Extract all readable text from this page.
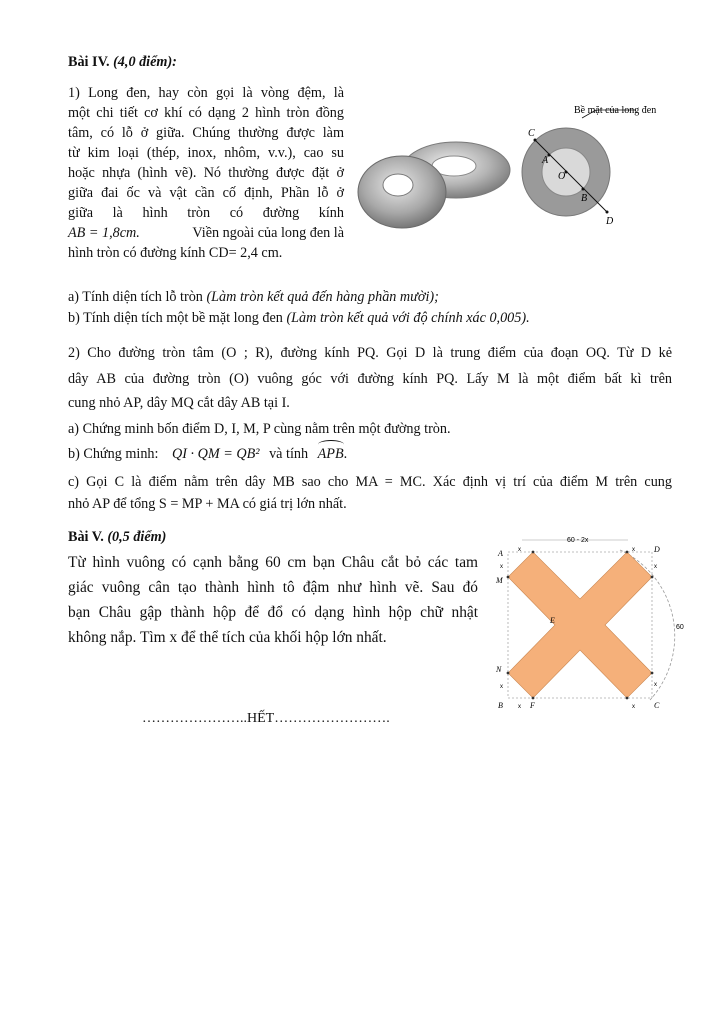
Bài IV. (4,0 điểm):
1) Long đen, hay còn gọi là vòng đệm, là
một chi tiết cơ khí có dạng 2 hình tròn đồng
tâm, có lỗ ở giữa. Chúng thường được làm
từ kim loại (thép, inox, nhôm, v.v.), cao su
hoặc nhựa (hình vẽ). Nó thường được đặt ở
giữa đai ốc và vật cần cố định, Phần lỗ ở
giữa là hình tròn có đường kính
AB = 1,8cm.	Viền ngoài của long đen là
hình tròn có đường kính CD= 2,4 cm.
Bề mặt của long đen
C
A
O
B
D
a) Tính diện tích lỗ tròn (Làm tròn kết quả đến hàng phần mười);
b) Tính diện tích một bề mặt long đen (Làm tròn kết quả với độ chính xác 0,005).
2) Cho đường tròn tâm (O ; R), đường kính PQ. Gọi D là trung điểm của đoạn OQ. Từ D kẻ
dây AB của đường tròn (O) vuông góc với đường kính PQ. Lấy M là một điểm bất kì trên
cung nhỏ AP, dây MQ cắt dây AB tại I.
a) Chứng minh bốn điểm D, I, M, P cùng nằm trên một đường tròn.
b) Chứng minh: QI · QM = QB² và tính APB.
c) Gọi C là điểm nằm trên dây MB sao cho MA = MC. Xác định vị trí của điểm M trên cung
nhỏ AP để tổng S = MP + MA có giá trị lớn nhất.
Bài V. (0,5 điểm)
Từ hình vuông có cạnh bằng 60 cm bạn Châu cắt bỏ các tam
giác vuông cân tạo thành hình tô đậm như hình vẽ. Sau đó
bạn Châu gập thành hộp để đổ có dạng hình hộp chữ nhật
không nắp. Tìm x để thể tích của khối hộp lớn nhất.
60 - 2x
60
A	D
B	C
M
N
E
F
x	x
x
x
x	x
x
x
…………………..HẾT…………………….
